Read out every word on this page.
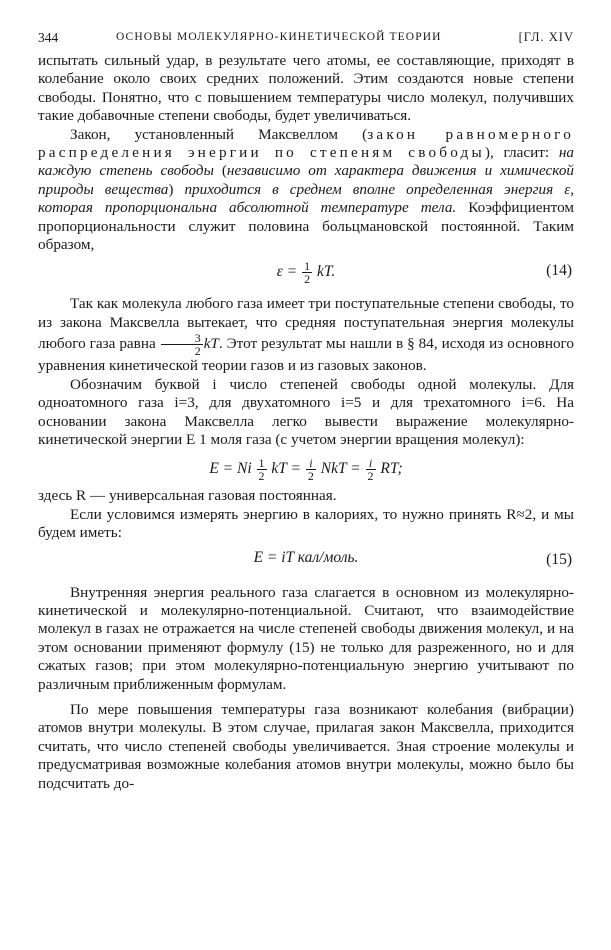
344	ОСНОВЫ МОЛЕКУЛЯРНО-КИНЕТИЧЕСКОЙ ТЕОРИИ	[ГЛ. XIV

испытать сильный удар, в результате чего атомы, ее составляющие, приходят в колебание около своих средних положений. Этим создаются новые степени свободы. Понятно, что с повышением температуры число молекул, получивших такие добавочные степени свободы, будет увеличиваться.

Закон, установленный Максвеллом (закон равномерного распределения энергии по степеням свободы), гласит: на каждую степень свободы (независимо от характера движения и химической природы вещества) приходится в среднем вполне определенная энергия ε, которая пропорциональна абсолютной температуре тела. Коэффициентом пропорциональности служит половина больцмановской постоянной. Таким образом,

$\varepsilon = \frac{1}{2}$ kT.	(14)

Так как молекула любого газа имеет три поступательные степени свободы, то из закона Максвелла вытекает, что средняя поступательная энергия молекулы любого газа равна $\frac{3}{2}$ kT. Этот результат мы нашли в § 84, исходя из основного уравнения кинетической теории газов и из газовых законов.

Обозначим буквой i число степеней свободы одной молекулы. Для одноатомного газа i=3, для двухатомного i=5 и для трехатомного i=6. На основании закона Максвелла легко вывести выражение молекулярно-кинетической энергии E 1 моля газа (с учетом энергии вращения молекул):

E = Ni $\frac{1}{2}$ kT = $\frac{i}{2}$ NkT = $\frac{i}{2}$ RT;

здесь R — универсальная газовая постоянная.

Если условимся измерять энергию в калориях, то нужно принять R≈2, и мы будем иметь:

E = iT кал/моль.	(15)

Внутренняя энергия реального газа слагается в основном из молекулярно-кинетической и молекулярно-потенциальной. Считают, что взаимодействие молекул в газах не отражается на числе степеней свободы движения молекул, и на этом основании применяют формулу (15) не только для разреженного, но и для сжатых газов; при этом молекулярно-потенциальную энергию учитывают по различным приближенным формулам.

По мере повышения температуры газа возникают колебания (вибрации) атомов внутри молекулы. В этом случае, прилагая закон Максвелла, приходится считать, что число степеней свободы увеличивается. Зная строение молекулы и предусматривая возможные колебания атомов внутри молекулы, можно было бы подсчитать до-
